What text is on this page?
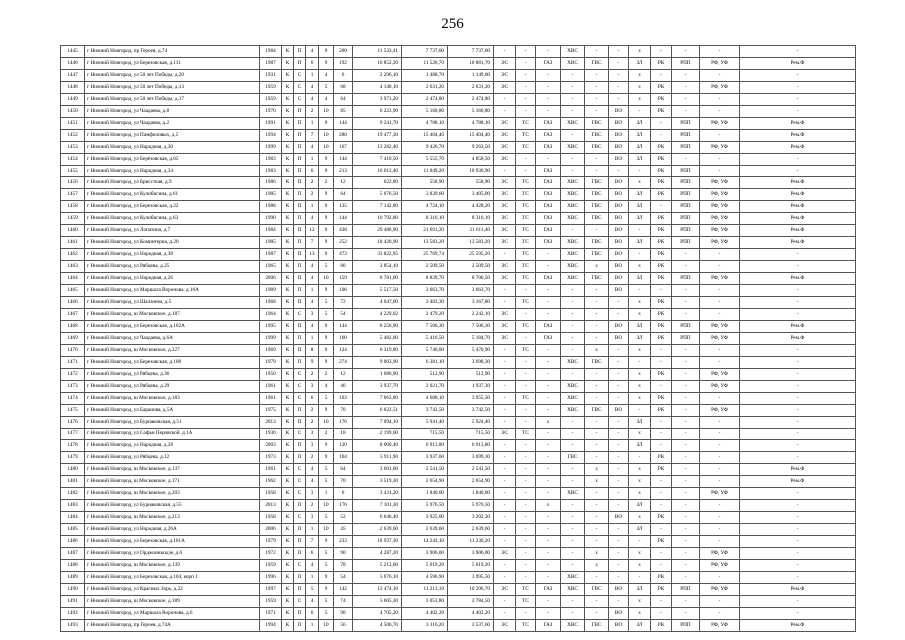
256
1445	г Нижний Новгород, пр Героев, д.74	1984	К	П	4	9	200	11 533,41	7 737,00	7 737,00	-	-	-	ХВС	-	-	х	-	-	-	-
1446	г Нижний Новгород, ул Березовская, д.111	1987	К	П	6	9	192	16 852,20	11 520,70	10 881,70	ЭС	-	ГАЗ	ХВС	ГВС	-	ЗЛ	РК	РПП	РФ, УФ	Рем.Ф
1447	г Нижний Новгород, ул 50 лет Победы, д.20	1931	К	С	1	4	6	2 296,10	1 488,70	1 149,00	ЭС	-	-	-	-	-	х	-	-	-	-
1448	г Нижний Новгород, ул 50 лет Победы, д.13	1959	К	С	4	5	68	4 140,10	2 631,20	2 631,20	ЭС	-	-	-	-	-	х	РК	-	РФ, УФ	-
1449	г Нижний Новгород, ул 50 лет Победы, д.17	1959	К	С	4	4	64	3 971,20	2 474,80	2 474,80	-	-	-	-	-	-	х	РК	-	-	-
1450	г Нижний Новгород, ул Чаадаева, д.8	1970	К	П	2	10	85	6 223,90	5 160,80	5 160,80	-	-	-	-	-	ВО	-	РК	-	-	-
1451	г Нижний Новгород, ул Чаадаева, д.2	1991	К	П	1	9	144	9 241,70	4 788,10	4 788,10	ЭС	ТС	ГАЗ	ХВС	ГВС	ВО	ЗЛ	-	РПП	РФ, УФ	Рем.Ф
1452	г Нижний Новгород, ул Памфиловых, д.5	1994	К	П	7	10	280	19 477,30	15 404,40	15 404,40	ЭС	ТС	ГАЗ	-	ГВС	ВО	ЗЛ	-	РПП	-	Рем.Ф
1453	г Нижний Новгород, ул Народная, д.30	1999	К	П	4	10	167	13 282,40	9 426,70	9 263,50	ЭС	ТС	ГАЗ	ХВС	ГВС	ВО	ЗЛ	РК	РПП	РФ, УФ	Рем.Ф
1454	г Нижний Новгород, ул Берёзовская, д.65	1983	К	П	1	9	144	7 410,50	5 555,70	4 858,50	ЭС	-	-	-	-	ВО	ЗЛ	РК	-	-	-
1455	г Нижний Новгород, ул Народная, д.34	1983	К	П	6	9	213	16 012,40	11 049,20	10 930,90	-	-	ГАЗ	-	-	-	-	РК	РПП	-	-
1456	г Нижний Новгород, ул Бриссткая, д.9	1986	К	П	2	2	12	623,80	558,90	558,90	ЭС	ТС	ГАЗ	ХВС	ГВС	ВО	х	РК	РПП	РФ, УФ	Рем.Ф
1457	г Нижний Новгород, ул Кулибисина, д.61	1985	К	П	2	9	64	5 676,50	3 839,60	3 405,00	ЭС	ТС	ГАЗ	ХВС	ГВС	ВО	ЗЛ	РК	РПП	РФ, УФ	Рем.Ф
1458	г Нижний Новгород, ул Березовская, д.22	1988	К	П	1	9	135	7 142,80	4 724,10	4 428,20	ЭС	ТС	ГАЗ	ХВС	ГВС	ВО	ЗЛ	-	РПП	РФ, УФ	Рем.Ф
1459	г Нижний Новгород, ул Кулибисина, д.63	1990	К	П	4	9	144	10 792,80	8 316,10	8 316,10	ЭС	ТС	ГАЗ	ХВС	ГВС	ВО	ЗЛ	РК	РПП	РФ, УФ	Рем.Ф
1460	г Нижний Новгород, ул Лопатина, д.7	1984	К	П	12	9	438	29 486,90	21 691,20	21 611,40	ЭС	ТС	ГАЗ	-	-	ВО	-	РК	РПП	РФ, УФ	Рем.Ф
1461	г Нижний Новгород, ул Коминтерна, д.20	1985	К	П	7	9	252	18 420,90	13 583,20	13 583,20	ЭС	ТС	ГАЗ	ХВС	ГВС	ВО	ЗЛ	РК	РПП	РФ, УФ	Рем.Ф
1462	г Нижний Новгород, ул Народная, д.38	1987	К	П	13	9	473	33 822,95	25 769,74	25 595,20	-	ТС	-	ХВС	ГВС	ВО	-	РК	-	-	-
1463	г Нижний Новгород, ул Рябцева, д.25	1965	К	П	4	5	80	2 854,10	2 509,50	2 509,50	ЭС	ТС	-	ХВС	х	ВО	х	РК	-	-	-
1464	г Нижний Новгород, ул Народная, д.26	2006	К	П	4	10	159	8 781,00	8 839,70	8 700,50	ЭС	ТС	ГАЗ	ХВС	ГВС	ВО	ЗЛ	РК	РПП	РФ, УФ	Рем.Ф
1465	г Нижний Новгород, ул Маршала Воронова, д.16А	1989	К	П	1	9	106	5 517,50	3 663,70	3 663,70	-	-	-	-	-	ВО	-	-	-	-	-
1466	г Нижний Новгород, ул Шалзнева, д.5	1968	К	П	4	5	72	4 047,00	3 483,30	3 167,80	-	ТС	-	-	-	-	х	РК	-	-	-
1467	г Нижний Новгород, ш Московское, д.187	1964	К	С	3	5	54	4 229,02	2 479,20	2 242,10	ЭС	-	-	-	-	-	х	РК	-	-	-
1468	г Нижний Новгород, ул Березовская, д.102А	1995	К	П	4	9	144	8 256,90	7 506,30	7 506,30	ЭС	ТС	ГАЗ	-	-	ВО	ЗЛ	РК	РПП	РФ, УФ	Рем.Ф
1469	г Нижний Новгород, ул Чаадаева, д.6А	1999	К	П	1	9	160	5 482,00	5 416,50	5 184,70	ЭС	-	ГАЗ	-	-	ВО	ЗЛ	РК	РПП	РФ, УФ	Рем.Ф
1470	г Нижний Новгород, ш Московское, д.227	1969	К	П	8	9	124	6 319,80	5 740,00	5 470,90	-	ТС	-	-	х	-	х	-	-	-	-
1471	г Нижний Новгород, ул Березовская, д.108	1979	К	П	9	9	274	9 063,90	6 381,10	3 698,30	-	-	-	ХВС	ГВС	-	-	-	-	-	-
1472	г Нижний Новгород, ул Рябцева, д.36	1950	К	С	2	2	12	1 086,90	512,90	512,90	-	-	-	-	-	-	х	РК	-	РФ, УФ	-
1473	г Нижний Новгород, ул Рябцева, д.29	1961	К	С	3	4	46	3 937,70	2 021,70	1 937,30	-	-	-	ХВС	-	-	х	-	-	РФ, УФ	-
1474	г Нижний Новгород, ш Московское, д.183	1961	К	С	6	5	103	7 063,80	4 608,10	3 955,30	-	ТС	-	ХВС	-	-	х	РК	-	-	-
1475	г Нижний Новгород, ул Баранова, д.5А	1975	К	П	2	9	70	6 622,51	3 742,50	3 742,50	-	-	-	ХВС	ГВС	ВО	-	РК	-	РФ, УФ	-
1476	г Нижний Новгород, ул Бурнаковская, д.51	2013	К	П	2	10	176	7 094,10	5 941,40	5 924,40	-	-	х	-	-	-	ЗЛ	-	-	-	-
1477	г Нижний Новгород, ул Софьи Перовской, д.1А	1930	К	С	3	2	18	2 199,00	715,50	715,50	ЭС	ТС	-	-	-	-	х	-	-	-	-
1478	г Нижний Новгород, ул Народная, д.28	2003	К	П	3	9	120	8 000,40	6 913,80	6 913,80	-	-	-	-	-	-	ЗЛ	-	-	-	-
1479	г Нижний Новгород, ул Рябцева, д.12	1973	К	П	2	9	104	5 911,90	3 937,60	3 699,30	-	-	-	ГВС	-	-	-	РК	-	-	-
1480	г Нижний Новгород, ш Московское, д.137	1961	К	С	4	5	64	3 601,60	2 541,50	2 541,50	-	-	-	-	х	-	х	РК	-	-	Рем.Ф
1481	г Нижний Новгород, ш Московское, д.171	1962	К	С	4	5	70	3 519,30	2 654,90	2 654,90	-	-	-	-	х	-	х	-	-	-	Рем.Ф
1482	г Нижний Новгород, ш Московское, д.203	1958	К	С	3	1	6	3 431,20	1 840,00	1 840,00	-	-	-	ХВС	-	-	х	-	-	РФ, УФ	-
1483	г Нижний Новгород, ул Бурнаковская, д.55	2013	К	П	2	10	176	7 101,30	5 976,50	5 976,50	-	-	х	-	-	-	ЗЛ	-	-	-	-
1484	г Нижний Новгород, ш Московское, д.213	1958	К	С	3	5	52	6 646,40	3 925,00	3 202,30	-	-	-	-	-	ВО	х	РК	-	-	-
1485	г Нижний Новгород, ул Народная, д.26А	2006	К	П	1	10	45	2 639,60	2 639,60	2 639,60	-	-	-	-	-	-	ЗЛ	-	-	-	-
1486	г Нижний Новгород, ул Березовская, д.101А	1979	К	П	7	9	233	18 937,30	14 243,10	11 230,20	-	-	-	-	-	-	-	РК	-	-	-
1487	г Нижний Новгород, ул Орджоникидзе, д.6	1972	К	П	6	5	90	4 287,20	3 906,00	3 906,00	ЭС	-	-	-	х	-	х	-	-	РФ, УФ	-
1488	г Нижний Новгород, ш Московское, д.139	1959	К	С	4	5	78	5 213,60	5 019,20	5 019,20	-	-	-	-	х	-	х	-	-	РФ, УФ	-
1489	г Нижний Новгород, ул Березовская, д.104, корп 1	1996	К	П	1	9	54	5 076,10	4 596,90	3 995,50	-	-	-	ХВС	-	-	-	РК	-	-	-
1490	г Нижний Новгород, ул Красных Зорь, д.22	1997	К	П	5	9	142	13 474,10	11 213,10	10 296,70	ЭС	ТС	ГАЗ	ХВС	ГВС	ВО	ЗЛ	РК	РПП	РФ, УФ	Рем.Ф
1491	г Нижний Новгород, ш Московское, д.189	1959	К	С	4	5	74	5 605,30	3 053,80	2 784,50	-	ТС	-	-	-	-	х	-	-	-	-
1492	г Нижний Новгород, ул Маршала Воронова, д.6	1971	К	П	6	5	90	4 705,20	4 402,20	4 402,20	-	-	-	-	-	ВО	х	-	-	-	-
1493	г Нижний Новгород, пр Героев, д.74А	1994	К	П	1	10	56	4 506,70	3 116,20	2 537,60	ЭС	ТС	ГАЗ	ХВС	ГВС	ВО	ЗЛ	РК	РПП	РФ, УФ	Рем.Ф
